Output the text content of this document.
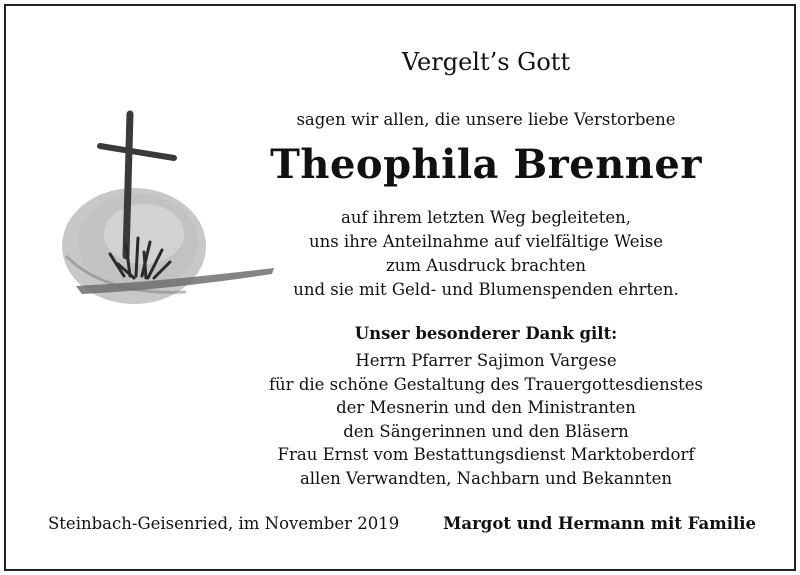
Vergelt’s Gott
sagen wir allen, die unsere liebe Verstorbene
Theophila Brenner
auf ihrem letzten Weg begleiteten,
uns ihre Anteilnahme auf vielfältige Weise
zum Ausdruck brachten
und sie mit Geld- und Blumenspenden ehrten.
Unser besonderer Dank gilt:
Herrn Pfarrer Sajimon Vargese
für die schöne Gestaltung des Trauergottesdienstes
der Mesnerin und den Ministranten
den Sängerinnen und den Bläsern
Frau Ernst vom Bestattungsdienst Marktoberdorf
allen Verwandten, Nachbarn und Bekannten
Steinbach-Geisenried, im November 2019	Margot und Hermann mit Familie
